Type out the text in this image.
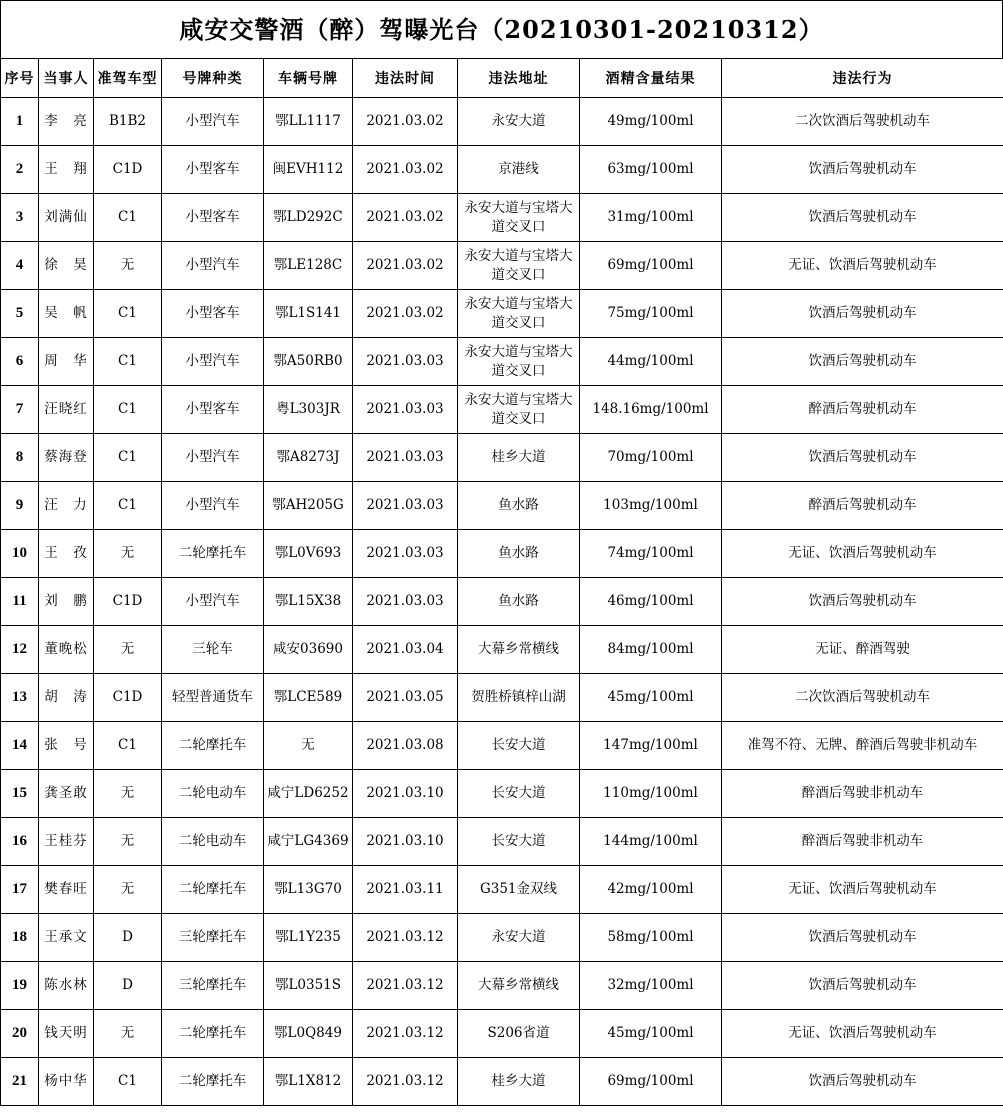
咸安交警酒（醉）驾曝光台（20210301-20210312）
序号	当事人	准驾车型	号牌种类	车辆号牌	违法时间	违法地址	酒精含量结果	违法行为
1	李　亮	B1B2	小型汽车	鄂LL1117	2021.03.02	永安大道	49mg/100ml	二次饮酒后驾驶机动车
2	王　翔	C1D	小型客车	闽EVH112	2021.03.02	京港线	63mg/100ml	饮酒后驾驶机动车
3	刘满仙	C1	小型客车	鄂LD292C	2021.03.02	永安大道与宝塔大道交叉口	31mg/100ml	饮酒后驾驶机动车
4	徐　昊	无	小型汽车	鄂LE128C	2021.03.02	永安大道与宝塔大道交叉口	69mg/100ml	无证、饮酒后驾驶机动车
5	吴　帆	C1	小型客车	鄂L1S141	2021.03.02	永安大道与宝塔大道交叉口	75mg/100ml	饮酒后驾驶机动车
6	周　华	C1	小型汽车	鄂A50RB0	2021.03.03	永安大道与宝塔大道交叉口	44mg/100ml	饮酒后驾驶机动车
7	汪晓红	C1	小型客车	粤L303JR	2021.03.03	永安大道与宝塔大道交叉口	148.16mg/100ml	醉酒后驾驶机动车
8	蔡海登	C1	小型汽车	鄂A8273J	2021.03.03	桂乡大道	70mg/100ml	饮酒后驾驶机动车
9	汪　力	C1	小型汽车	鄂AH205G	2021.03.03	鱼水路	103mg/100ml	醉酒后驾驶机动车
10	王　孜	无	二轮摩托车	鄂L0V693	2021.03.03	鱼水路	74mg/100ml	无证、饮酒后驾驶机动车
11	刘　鹏	C1D	小型汽车	鄂L15X38	2021.03.03	鱼水路	46mg/100ml	饮酒后驾驶机动车
12	董晚松	无	三轮车	咸安03690	2021.03.04	大幕乡常横线	84mg/100ml	无证、醉酒驾驶
13	胡　涛	C1D	轻型普通货车	鄂LCE589	2021.03.05	贺胜桥镇梓山湖	45mg/100ml	二次饮酒后驾驶机动车
14	张　号	C1	二轮摩托车	无	2021.03.08	长安大道	147mg/100ml	准驾不符、无牌、醉酒后驾驶非机动车
15	龚圣敢	无	二轮电动车	咸宁LD6252	2021.03.10	长安大道	110mg/100ml	醉酒后驾驶非机动车
16	王桂芬	无	二轮电动车	咸宁LG4369	2021.03.10	长安大道	144mg/100ml	醉酒后驾驶非机动车
17	樊春旺	无	二轮摩托车	鄂L13G70	2021.03.11	G351金双线	42mg/100ml	无证、饮酒后驾驶机动车
18	王承文	D	三轮摩托车	鄂L1Y235	2021.03.12	永安大道	58mg/100ml	饮酒后驾驶机动车
19	陈水林	D	三轮摩托车	鄂L0351S	2021.03.12	大幕乡常横线	32mg/100ml	饮酒后驾驶机动车
20	钱天明	无	二轮摩托车	鄂L0Q849	2021.03.12	S206省道	45mg/100ml	无证、饮酒后驾驶机动车
21	杨中华	C1	二轮摩托车	鄂L1X812	2021.03.12	桂乡大道	69mg/100ml	饮酒后驾驶机动车
